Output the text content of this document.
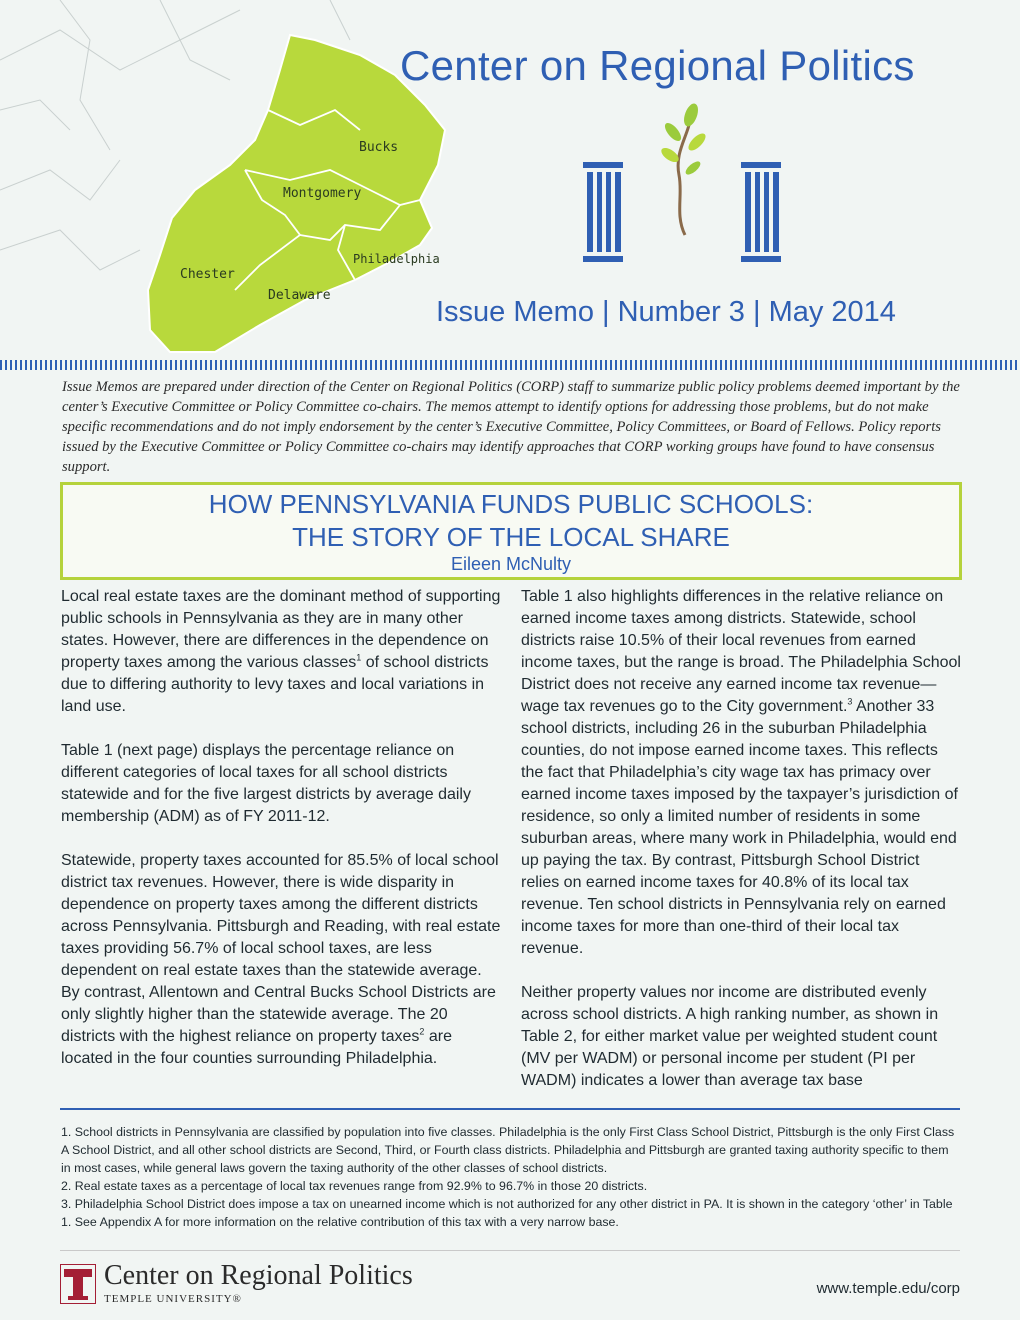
Bucks
Montgomery
Philadelphia
Chester
Delaware
Center on Regional Politics
Issue Memo | Number 3 | May 2014
Issue Memos are prepared under direction of the Center on Regional Politics (CORP) staff to summarize public policy problems deemed important by the center’s Executive Committee or Policy Committee co-chairs. The memos attempt to identify options for addressing those problems, but do not make specific recommendations and do not imply endorsement by the center’s Executive Committee, Policy Committees, or Board of Fellows. Policy reports issued by the Executive Committee or Policy Committee co-chairs may identify approaches that CORP working groups have found to have consensus support.
HOW PENNSYLVANIA FUNDS PUBLIC SCHOOLS:
THE STORY OF THE LOCAL SHARE
Eileen McNulty

Local real estate taxes are the dominant method of supporting public schools in Pennsylvania as they are in many other states. However, there are differences in the dependence on property taxes among the various classes$^1$ of school districts due to differing authority to levy taxes and local variations in land use.

Table 1 (next page) displays the percentage reliance on different categories of local taxes for all school districts statewide and for the five largest districts by average daily membership (ADM) as of FY 2011-12.

Statewide, property taxes accounted for 85.5% of local school district tax revenues. However, there is wide disparity in dependence on property taxes among the different districts across Pennsylvania. Pittsburgh and Reading, with real estate taxes providing 56.7% of local school taxes, are less dependent on real estate taxes than the statewide average. By contrast, Allentown and Central Bucks School Districts are only slightly higher than the statewide average. The 20 districts with the highest reliance on property taxes$^2$ are located in the four counties surrounding Philadelphia.

Table 1 also highlights differences in the relative reliance on earned income taxes among districts. Statewide, school districts raise 10.5% of their local revenues from earned income taxes, but the range is broad. The Philadelphia School District does not receive any earned income tax revenue—wage tax revenues go to the City government.$^3$ Another 33 school districts, including 26 in the suburban Philadelphia counties, do not impose earned income taxes. This reflects the fact that Philadelphia’s city wage tax has primacy over earned income taxes imposed by the taxpayer’s jurisdiction of residence, so only a limited number of residents in some suburban areas, where many work in Philadelphia, would end up paying the tax. By contrast, Pittsburgh School District relies on earned income taxes for 40.8% of its local tax revenue. Ten school districts in Pennsylvania rely on earned income taxes for more than one-third of their local tax revenue.

Neither property values nor income are distributed evenly across school districts. A high ranking number, as shown in Table 2, for either market value per weighted student count (MV per WADM) or personal income per student (PI per WADM) indicates a lower than average tax base

1. School districts in Pennsylvania are classified by population into five classes. Philadelphia is the only First Class School District, Pittsburgh is the only First Class A School District, and all other school districts are Second, Third, or Fourth class districts. Philadelphia and Pittsburgh are granted taxing authority specific to them in most cases, while general laws govern the taxing authority of the other classes of school districts.

2. Real estate taxes as a percentage of local tax revenues range from 92.9% to 96.7% in those 20 districts.

3. Philadelphia School District does impose a tax on unearned income which is not authorized for any other district in PA. It is shown in the category ‘other’ in Table 1. See Appendix A for more information on the relative contribution of this tax with a very narrow base.

Center on Regional Politics
TEMPLE UNIVERSITY®
www.temple.edu/corp
